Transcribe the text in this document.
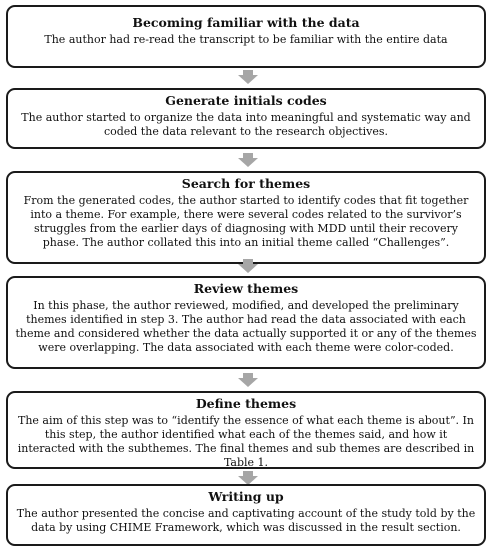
Becoming familiar with the data
The author had re-read the transcript to be familiar with the entire data
Generate initials codes
The author started to organize the data into meaningful and systematic way and coded the data relevant to the research objectives.
Search for themes
From the generated codes, the author started to identify codes that fit together into a theme. For example, there were several codes related to the survivor’s struggles from the earlier days of diagnosing with MDD until their recovery phase. The author collated this into an initial theme called “Challenges”.
Review themes
In this phase, the author reviewed, modified, and developed the preliminary themes identified in step 3. The author had read the data associated with each theme and considered whether the data actually supported it or any of the themes were overlapping. The data associated with each theme were color-coded.
Define themes
The aim of this step was to “identify the essence of what each theme is about”. In this step, the author identified what each of the themes said, and how it interacted with the subthemes. The final themes and sub themes are described in Table 1.
Writing up
The author presented the concise and captivating account of the study told by the data by using CHIME Framework, which was discussed in the result section.
